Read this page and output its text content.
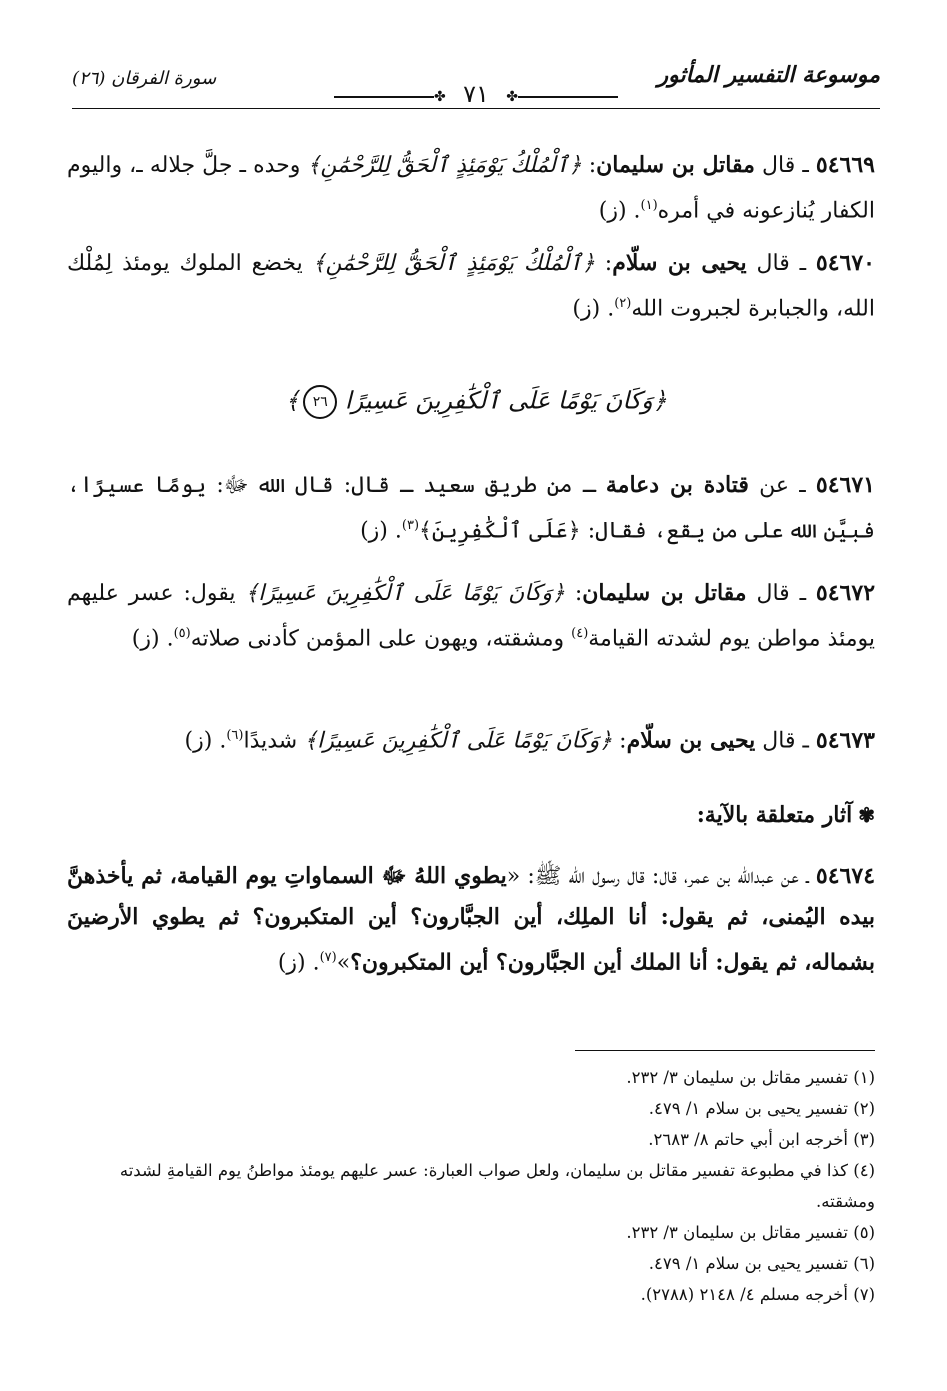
موسوعة التفسير المأثور
✤
٧١
✤
سورة الفرقان (٢٦)
٥٤٦٦٩ ـ قال مقاتل بن سليمان: ﴿ٱلْمُلْكُ يَوْمَئِذٍ ٱلْحَقُّ لِلرَّحْمَٰنِ﴾ وحده ـ جلَّ جلاله ـ، واليوم الكفار يُنازعونه في أمره$^{(١)}$. (ز)
٥٤٦٧٠ ـ قال يحيى بن سلّام: ﴿ٱلْمُلْكُ يَوْمَئِذٍ ٱلْحَقُّ لِلرَّحْمَٰنِ﴾ يخضع الملوك يومئذ لِمُلْك الله، والجبابرة لجبروت الله$^{(٢)}$. (ز)
﴿وَكَانَ يَوْمًا عَلَى ٱلْكَٰفِرِينَ عَسِيرًا ٢٦﴾
٥٤٦٧١ ـ عن قتادة بن دعامة ـ من طريق سعيد ـ قال: قال الله ﷻ: يومًا عسيرًا، فبيَّن الله على من يقع، فقال: ﴿عَلَى ٱلْكَٰفِرِينَ﴾$^{(٣)}$. (ز)
٥٤٦٧٢ ـ قال مقاتل بن سليمان: ﴿وَكَانَ يَوْمًا عَلَى ٱلْكَٰفِرِينَ عَسِيرًا﴾ يقول: عسر عليهم يومئذ مواطن يوم لشدته القيامة$^{(٤)}$ ومشقته، ويهون على المؤمن كأدنى صلاته$^{(٥)}$. (ز)
٥٤٦٧٣ ـ قال يحيى بن سلّام: ﴿وَكَانَ يَوْمًا عَلَى ٱلْكَٰفِرِينَ عَسِيرًا﴾ شديدًا$^{(٦)}$. (ز)
✾آثار متعلقة بالآية:
٥٤٦٧٤ ـ عن عبدالله بن عمر، قال: قال رسول الله ﷺ: «يطوي اللهُ ﷻ السماواتِ يوم القيامة، ثم يأخذهنَّ بيده اليُمنى، ثم يقول: أنا الملِك، أين الجبَّارون؟ أين المتكبرون؟ ثم يطوي الأرضينَ بشماله، ثم يقول: أنا الملك أين الجبَّارون؟ أين المتكبرون؟»$^{(٧)}$. (ز)
(١) تفسير مقاتل بن سليمان ٣/ ٢٣٢.
(٢) تفسير يحيى بن سلام ١/ ٤٧٩.
(٣) أخرجه ابن أبي حاتم ٨/ ٢٦٨٣.
(٤) كذا في مطبوعة تفسير مقاتل بن سليمان، ولعل صواب العبارة: عسر عليهم يومئذ مواطنُ يوم القيامةِ لشدته ومشقته.
(٥) تفسير مقاتل بن سليمان ٣/ ٢٣٢.
(٦) تفسير يحيى بن سلام ١/ ٤٧٩.
(٧) أخرجه مسلم ٤/ ٢١٤٨ (٢٧٨٨).
